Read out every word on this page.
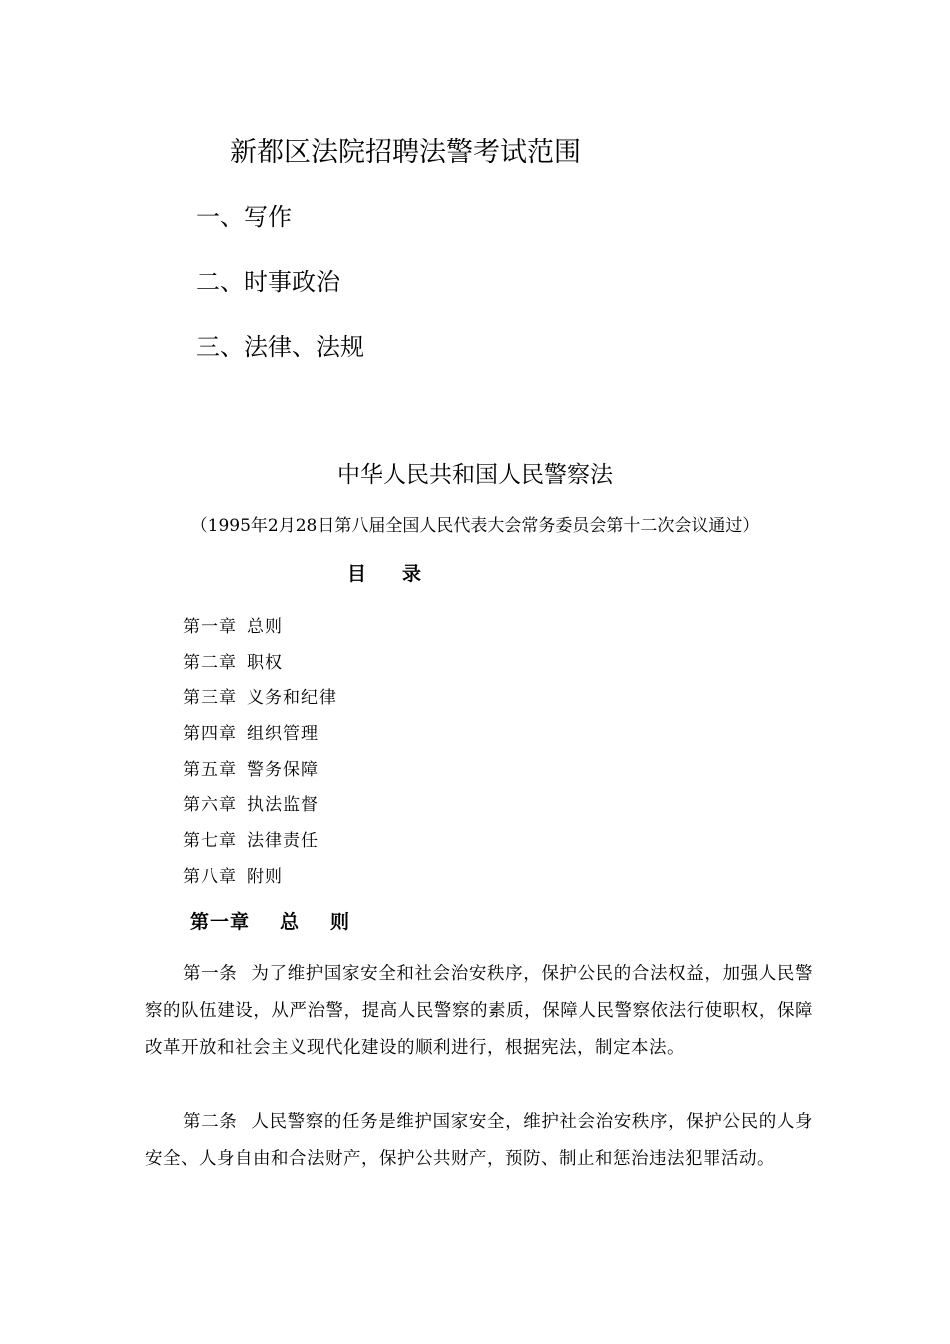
新都区法院招聘法警考试范围
一、写作
二、时事政治
三、法律、法规
中华人民共和国人民警察法
（1995年2月28日第八届全国人民代表大会常务委员会第十二次会议通过）
目 录
第一章 总则
第二章 职权
第三章 义务和纪律
第四章 组织管理
第五章 警务保障
第六章 执法监督
第七章 法律责任
第八章 附则
第一章 总 则

第一条 为了维护国家安全和社会治安秩序，保护公民的合法权益，加强人民警察的队伍建设，从严治警，提高人民警察的素质，保障人民警察依法行使职权，保障改革开放和社会主义现代化建设的顺利进行，根据宪法，制定本法。

第二条 人民警察的任务是维护国家安全，维护社会治安秩序，保护公民的人身安全、人身自由和合法财产，保护公共财产，预防、制止和惩治违法犯罪活动。
